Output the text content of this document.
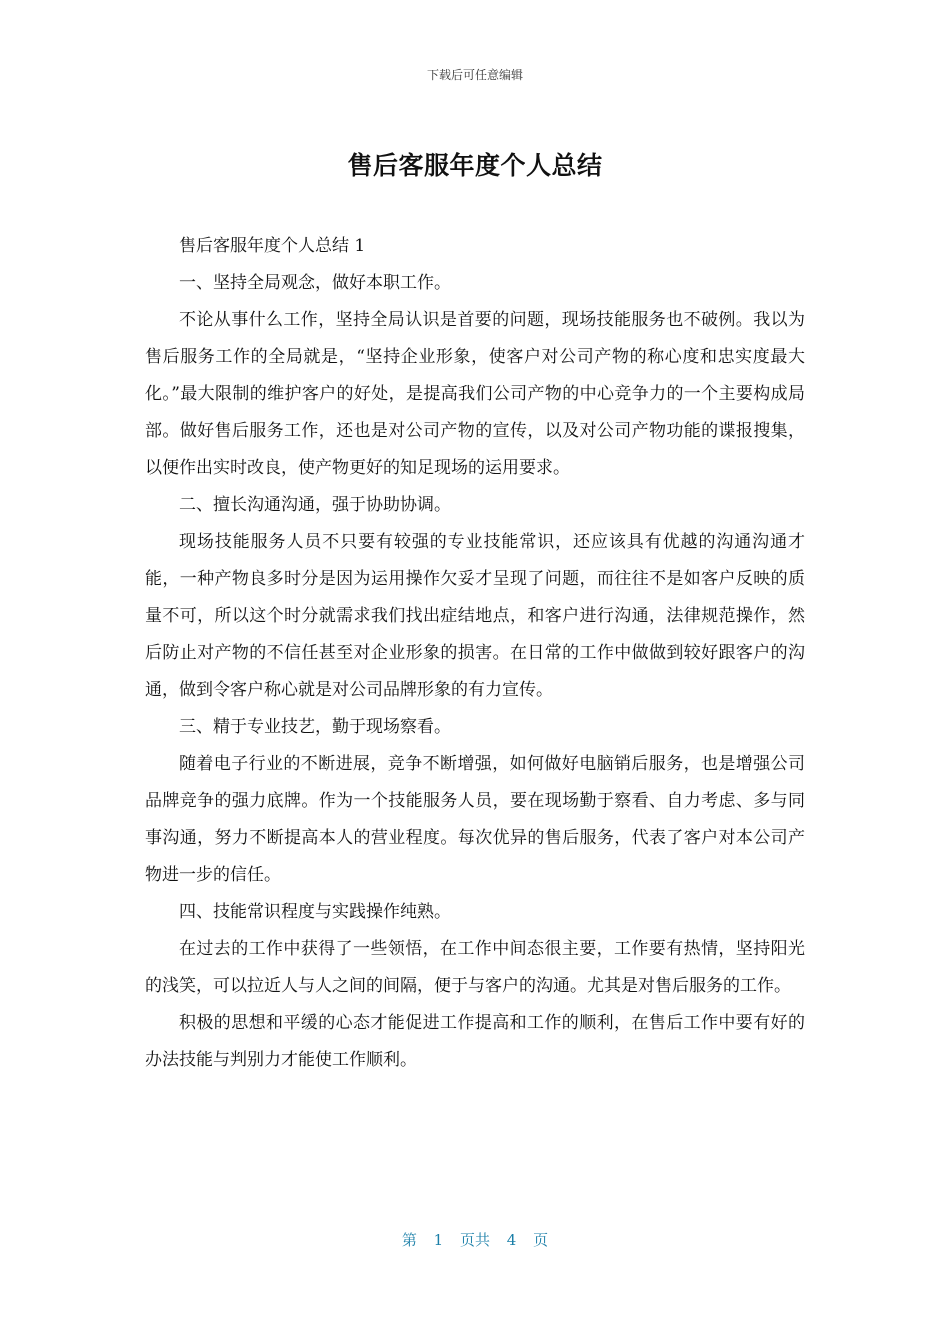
下载后可任意编辑
售后客服年度个人总结

售后客服年度个人总结 1

一、坚持全局观念，做好本职工作。

不论从事什么工作，坚持全局认识是首要的问题，现场技能服务也不破例。我以为售后服务工作的全局就是，“坚持企业形象，使客户对公司产物的称心度和忠实度最大化。”最大限制的维护客户的好处，是提高我们公司产物的中心竞争力的一个主要构成局部。做好售后服务工作，还也是对公司产物的宣传，以及对公司产物功能的谍报搜集，以便作出实时改良，使产物更好的知足现场的运用要求。

二、擅长沟通沟通，强于协助协调。

现场技能服务人员不只要有较强的专业技能常识，还应该具有优越的沟通沟通才能，一种产物良多时分是因为运用操作欠妥才呈现了问题，而往往不是如客户反映的质量不可，所以这个时分就需求我们找出症结地点，和客户进行沟通，法律规范操作，然后防止对产物的不信任甚至对企业形象的损害。在日常的工作中做做到较好跟客户的沟通，做到令客户称心就是对公司品牌形象的有力宣传。

三、精于专业技艺，勤于现场察看。

随着电子行业的不断进展，竞争不断增强，如何做好电脑销后服务，也是增强公司品牌竞争的强力底牌。作为一个技能服务人员，要在现场勤于察看、自力考虑、多与同事沟通，努力不断提高本人的营业程度。每次优异的售后服务，代表了客户对本公司产物进一步的信任。

四、技能常识程度与实践操作纯熟。

在过去的工作中获得了一些领悟，在工作中间态很主要，工作要有热情，坚持阳光的浅笑，可以拉近人与人之间的间隔，便于与客户的沟通。尤其是对售后服务的工作。

积极的思想和平缓的心态才能促进工作提高和工作的顺利，在售后工作中要有好的办法技能与判别力才能使工作顺利。

第 1 页共 4 页
